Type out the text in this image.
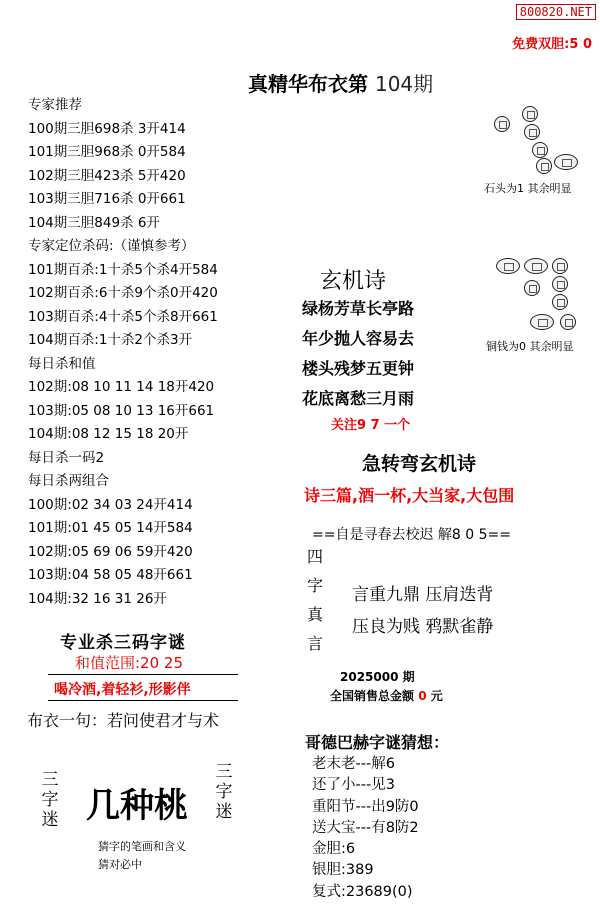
800820.NET
免费双胆:5 0
真精华布衣第 104期
专家推荐
100期三胆698杀 3开414
101期三胆968杀 0开584
102期三胆423杀 5开420
103期三胆716杀 0开661
104期三胆849杀 6开
专家定位杀码:（谨慎参考）
101期百杀:1十杀5个杀4开584
102期百杀:6十杀9个杀0开420
103期百杀:4十杀5个杀8开661
104期百杀:1十杀2个杀3开
每日杀和值
102期:08 10 11 14 18开420
103期:05 08 10 13 16开661
104期:08 12 15 18 20开
每日杀一码2
每日杀两组合
100期:02 34 03 24开414
101期:01 45 05 14开584
102期:05 69 06 59开420
103期:04 58 05 48开661
104期:32 16 31 26开
专业杀三码字谜
和值范围:20 25
喝冷酒,着轻衫,形影伴
布衣一句：若问使君才与术
三字迷
三字迷
几种桃
猜字的笔画和含义
猜对必中
石头为1 其余明显
铜钱为0 其余明显
玄机诗
绿杨芳草长亭路
年少抛人容易去
楼头残梦五更钟
花底离愁三月雨
关注9 7 一个
急转弯玄机诗
诗三篇,酒一杯,大当家,大包围
==自是寻春去校迟 解8 0 5==
四
字
真
言
言重九鼎 压肩迭背
压良为贱 鸦默雀静
2025000 期
全国销售总金额 0 元
哥德巴赫字谜猜想：
老末老---解6
还了小---见3
重阳节---出9防0
送大宝---有8防2
金胆:6
银胆:389
复式:23689(0)
